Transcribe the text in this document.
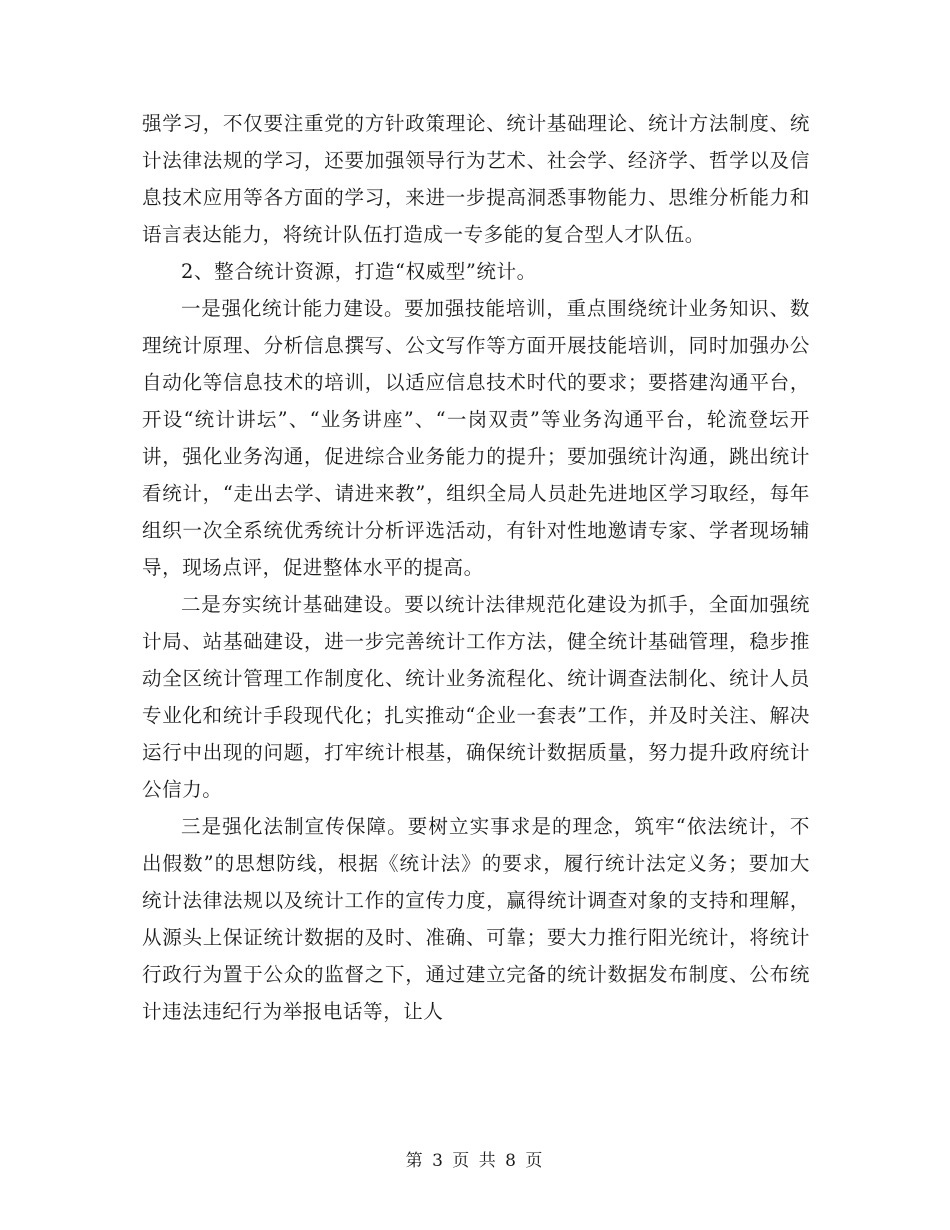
强学习，不仅要注重党的方针政策理论、统计基础理论、统计方法制度、统计法律法规的学习，还要加强领导行为艺术、社会学、经济学、哲学以及信息技术应用等各方面的学习，来进一步提高洞悉事物能力、思维分析能力和语言表达能力，将统计队伍打造成一专多能的复合型人才队伍。

2、整合统计资源，打造“权威型”统计。

一是强化统计能力建设。要加强技能培训，重点围绕统计业务知识、数理统计原理、分析信息撰写、公文写作等方面开展技能培训，同时加强办公自动化等信息技术的培训，以适应信息技术时代的要求；要搭建沟通平台，开设“统计讲坛”、“业务讲座”、“一岗双责”等业务沟通平台，轮流登坛开讲，强化业务沟通，促进综合业务能力的提升；要加强统计沟通，跳出统计看统计，“走出去学、请进来教”，组织全局人员赴先进地区学习取经，每年组织一次全系统优秀统计分析评选活动，有针对性地邀请专家、学者现场辅导，现场点评，促进整体水平的提高。

二是夯实统计基础建设。要以统计法律规范化建设为抓手，全面加强统计局、站基础建设，进一步完善统计工作方法，健全统计基础管理，稳步推动全区统计管理工作制度化、统计业务流程化、统计调查法制化、统计人员专业化和统计手段现代化；扎实推动“企业一套表”工作，并及时关注、解决运行中出现的问题，打牢统计根基，确保统计数据质量，努力提升政府统计公信力。

三是强化法制宣传保障。要树立实事求是的理念，筑牢“依法统计，不出假数”的思想防线，根据《统计法》的要求，履行统计法定义务；要加大统计法律法规以及统计工作的宣传力度，赢得统计调查对象的支持和理解，从源头上保证统计数据的及时、准确、可靠；要大力推行阳光统计，将统计行政行为置于公众的监督之下，通过建立完备的统计数据发布制度、公布统计违法违纪行为举报电话等，让人

第 3 页 共 8 页
